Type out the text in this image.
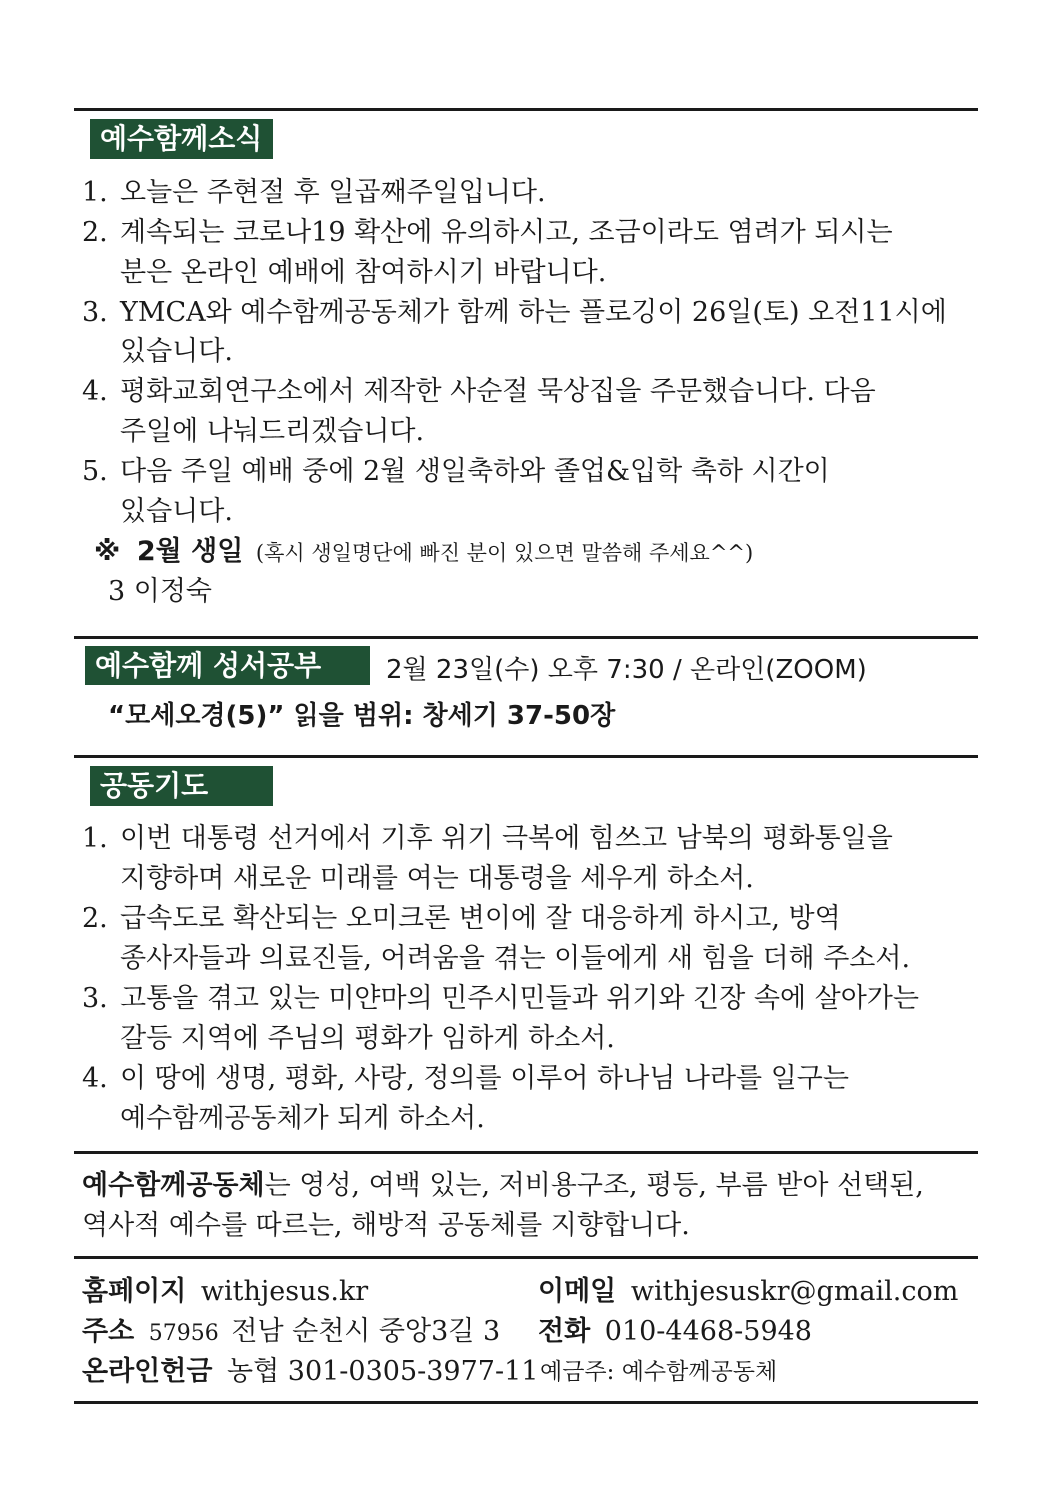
예수함께소식
1. 오늘은 주현절 후 일곱째주일입니다.
2. 계속되는 코로나19 확산에 유의하시고, 조금이라도 염려가 되시는
분은 온라인 예배에 참여하시기 바랍니다.
3. YMCA와 예수함께공동체가 함께 하는 플로깅이 26일(토) 오전11시에
있습니다.
4. 평화교회연구소에서 제작한 사순절 묵상집을 주문했습니다. 다음
주일에 나눠드리겠습니다.
5. 다음 주일 예배 중에 2월 생일축하와 졸업&입학 축하 시간이
있습니다.
※ 2월 생일 (혹시 생일명단에 빠진 분이 있으면 말씀해 주세요^^)
3 이정숙
예수함께 성서공부	2월 23일(수) 오후 7:30 / 온라인(ZOOM)
“모세오경(5)” 읽을 범위: 창세기 37-50장
공동기도
1. 이번 대통령 선거에서 기후 위기 극복에 힘쓰고 남북의 평화통일을
지향하며 새로운 미래를 여는 대통령을 세우게 하소서.
2. 급속도로 확산되는 오미크론 변이에 잘 대응하게 하시고, 방역
종사자들과 의료진들, 어려움을 겪는 이들에게 새 힘을 더해 주소서.
3. 고통을 겪고 있는 미얀마의 민주시민들과 위기와 긴장 속에 살아가는
갈등 지역에 주님의 평화가 임하게 하소서.
4. 이 땅에 생명, 평화, 사랑, 정의를 이루어 하나님 나라를 일구는
예수함께공동체가 되게 하소서.
예수함께공동체는 영성, 여백 있는, 저비용구조, 평등, 부름 받아 선택된,
역사적 예수를 따르는, 해방적 공동체를 지향합니다.
홈페이지 withjesus.kr	이메일 withjesuskr@gmail.com
주소 57956 전남 순천시 중앙3길 3 전화 010-4468-5948
온라인헌금 농협 301-0305-3977-11 예금주: 예수함께공동체
